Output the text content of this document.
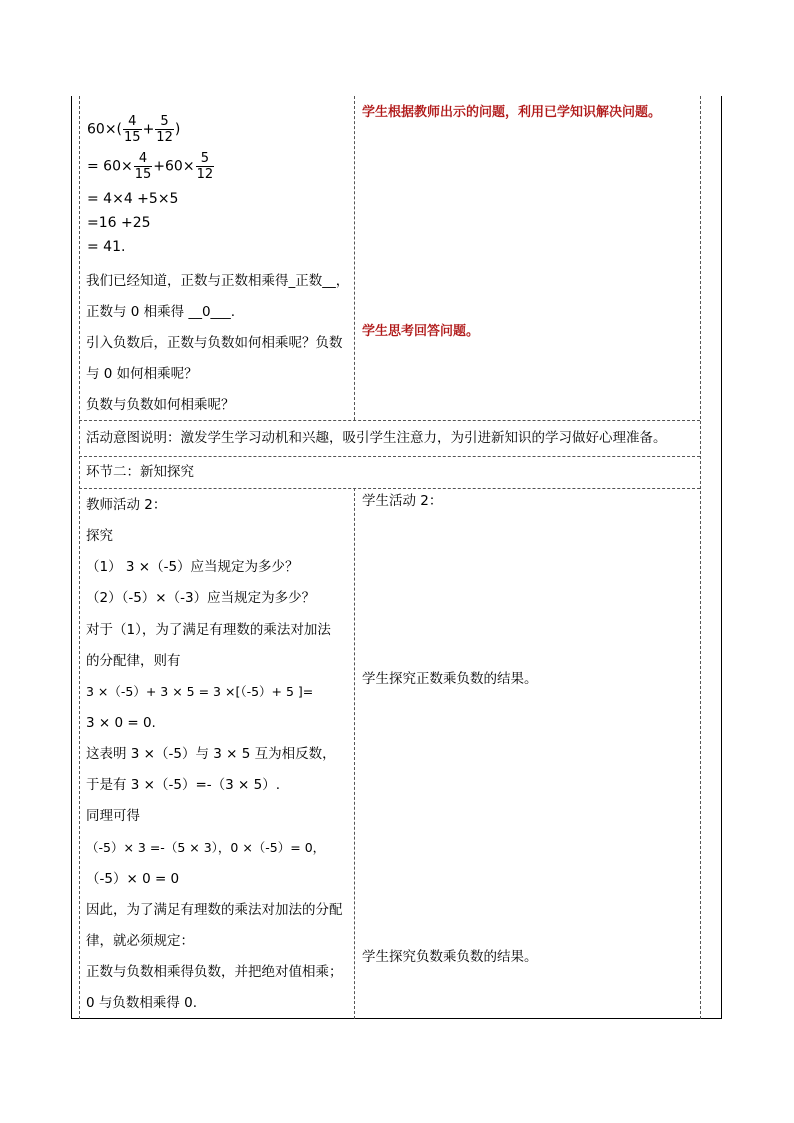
$60\times( \frac{4}{15} + \frac{5}{12}$ )
= $60\times \frac{4}{15} +60\times \frac{5}{12}$
= 4×4 +5×5
=16 +25
= 41.
我们已经知道，正数与正数相乘得_正数__，
正数与 0 相乘得 __0___.
引入负数后，正数与负数如何相乘呢？负数
与 0 如何相乘呢？
负数与负数如何相乘呢？
学生根据教师出示的问题，利用已学知识解决问题。
学生思考回答问题。
活动意图说明：激发学生学习动机和兴趣，吸引学生注意力，为引进新知识的学习做好心理准备。
环节二：新知探究
教师活动 2：
探究
（1） 3 ×（-5）应当规定为多少？
（2）（-5）×（-3）应当规定为多少？
对于（1），为了满足有理数的乘法对加法
的分配律，则有
3 ×（-5）+ 3 × 5 = 3 ×[（-5）+ 5 ]=
3 × 0 = 0.
这表明 3 ×（-5）与 3 × 5 互为相反数，
于是有 3 ×（-5）=-（3 × 5）.
同理可得
（-5）× 3 =-（5 × 3），0 ×（-5）= 0，
（-5）× 0 = 0
因此，为了满足有理数的乘法对加法的分配
律，就必须规定：
正数与负数相乘得负数，并把绝对值相乘；
0 与负数相乘得 0.
学生活动 2：
学生探究正数乘负数的结果。
学生探究负数乘负数的结果。
